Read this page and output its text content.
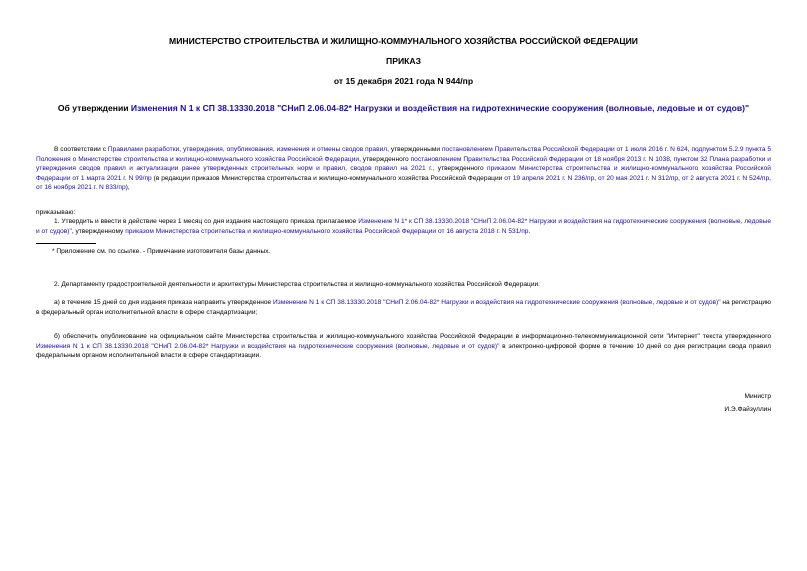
МИНИСТЕРСТВО СТРОИТЕЛЬСТВА И ЖИЛИЩНО-КОММУНАЛЬНОГО ХОЗЯЙСТВА РОССИЙСКОЙ ФЕДЕРАЦИИ
ПРИКАЗ
от 15 декабря 2021 года N 944/пр
Об утверждении Изменения N 1 к СП 38.13330.2018 "СНиП 2.06.04-82* Нагрузки и воздействия на гидротехнические сооружения (волновые, ледовые и от судов)"
В соответствии с Правилами разработки, утверждения, опубликования, изменения и отмены сводов правил, утвержденными постановлением Правительства Российской Федерации от 1 июля 2016 г. N 624, подпунктом 5.2.9 пункта 5 Положения о Министерстве строительства и жилищно-коммунального хозяйства Российской Федерации, утвержденного постановлением Правительства Российской Федерации от 18 ноября 2013 г. N 1038, пунктом 32 Плана разработки и утверждения сводов правил и актуализации ранее утвержденных строительных норм и правил, сводов правил на 2021 г., утвержденного приказом Министерства строительства и жилищно-коммунального хозяйства Российской Федерации от 1 марта 2021 г. N 99/пр (в редакции приказов Министерства строительства и жилищно-коммунального хозяйства Российской Федерации от 19 апреля 2021 г. N 236/пр, от 20 мая 2021 г. N 312/пр, от 2 августа 2021 г. N 524/пр, от 16 ноября 2021 г. N 833/пр),
приказываю:
1. Утвердить и ввести в действие через 1 месяц со дня издания настоящего приказа прилагаемое Изменение N 1* к СП 38.13330.2018 "СНиП 2.06.04-82* Нагрузки и воздействия на гидротехнические сооружения (волновые, ледовые и от судов)", утвержденному приказом Министерства строительства и жилищно-коммунального хозяйства Российской Федерации от 16 августа 2018 г. N 531/пр.
* Приложение см. по ссылке. - Примечание изготовителя базы данных.
2. Департаменту градостроительной деятельности и архитектуры Министерства строительства и жилищно-коммунального хозяйства Российской Федерации:
а) в течение 15 дней со дня издания приказа направить утвержденное Изменение N 1 к СП 38.13330.2018 "СНиП 2.06.04-82* Нагрузки и воздействия на гидротехнические сооружения (волновые, ледовые и от судов)" на регистрацию в федеральный орган исполнительной власти в сфере стандартизации;
б) обеспечить опубликование на официальном сайте Министерства строительства и жилищно-коммунального хозяйства Российской Федерации в информационно-телекоммуникационной сети "Интернет" текста утвержденного Изменения N 1 к СП 38.13330.2018 "СНиП 2.06.04-82* Нагрузки и воздействия на гидротехнические сооружения (волновые, ледовые и от судов)" в электронно-цифровой форме в течение 10 дней со дня регистрации свода правил федеральным органом исполнительной власти в сфере стандартизации.
Министр
И.Э.Файзуллин
